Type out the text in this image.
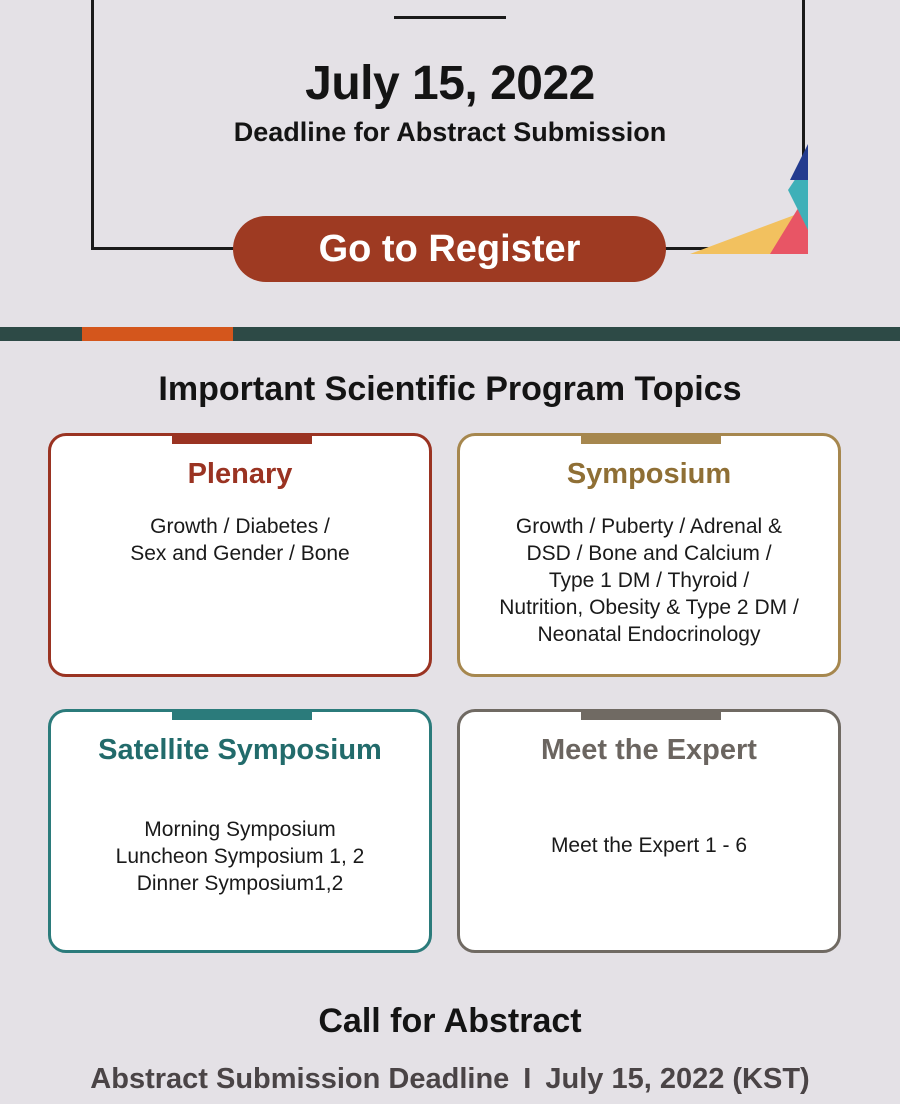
July 15, 2022
Deadline for Abstract Submission
Go to Register
Important Scientific Program Topics
Plenary
Growth / Diabetes /
Sex and Gender / Bone
Symposium
Growth / Puberty / Adrenal &
DSD / Bone and Calcium /
Type 1 DM / Thyroid /
Nutrition, Obesity & Type 2 DM /
Neonatal Endocrinology
Satellite Symposium
Morning Symposium
Luncheon Symposium 1, 2
Dinner Symposium1,2
Meet the Expert
Meet the Expert 1 - 6
Call for Abstract
Abstract Submission Deadline I July 15, 2022 (KST)
